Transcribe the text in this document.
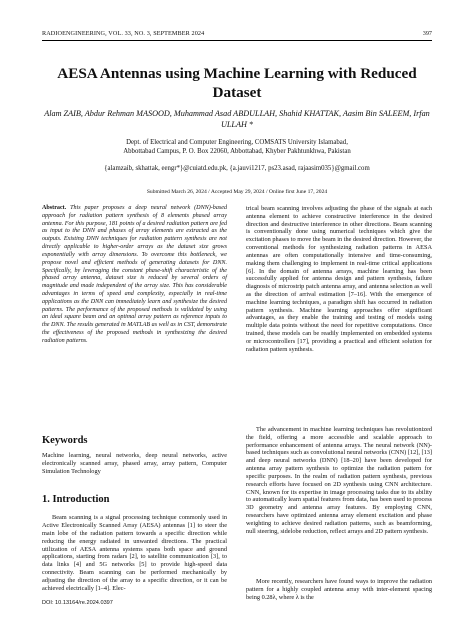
RADIOENGINEERING, VOL. 33, NO. 3, SEPTEMBER 2024	397
AESA Antennas using Machine Learning with Reduced Dataset
Alam ZAIB, Abdur Rehman MASOOD, Muhammad Asad ABDULLAH, Shahid KHATTAK, Aasim Bin SALEEM, Irfan ULLAH *
Dept. of Electrical and Computer Engineering, COMSATS University Islamabad,
Abbottabad Campus, P. O. Box 22060, Abbottabad, Khyber Pakhtunkhwa, Pakistan
{alamzaib, skhattak, eengr*}@cuiatd.edu.pk, {a.jauvi1217, ps23.asad, rajaasim035}@gmail.com
Submitted March 26, 2024 / Accepted May 29, 2024 / Online first June 17, 2024
Abstract. This paper proposes a deep neural network (DNN)-based approach for radiation pattern synthesis of 8 elements phased array antenna. For this purpose, 181 points of a desired radiation pattern are fed as input to the DNN and phases of array elements are extracted as the outputs. Existing DNN techniques for radiation pattern synthesis are not directly applicable to higher-order arrays as the dataset size grows exponentially with array dimensions. To overcome this bottleneck, we propose novel and efficient methods of generating datasets for DNN. Specifically, by leveraging the constant phase-shift characteristic of the phased array antenna, dataset size is reduced by several orders of magnitude and made independent of the array size. This has considerable advantages in terms of speed and complexity, especially in real-time applications as the DNN can immediately learn and synthesize the desired patterns. The performance of the proposed methods is validated by using an ideal square beam and an optimal array pattern as reference inputs to the DNN. The results generated in MATLAB as well as in CST, demonstrate the effectiveness of the proposed methods in synthesizing the desired radiation patterns.
Keywords
Machine learning, neural networks, deep neural networks, active electronically scanned array, phased array, array pattern, Computer Simulation Technology
1. Introduction
Beam scanning is a signal processing technique commonly used in Active Electronically Scanned Array (AESA) antennas [1] to steer the main lobe of the radiation pattern towards a specific direction while reducing the energy radiated in unwanted directions. The practical utilization of AESA antenna systems spans both space and ground applications, starting from radars [2], to satellite communication [3], to data links [4] and 5G networks [5] to provide high-speed data connectivity. Beam scanning can be performed mechanically by adjusting the direction of the array to a specific direction, or it can be achieved electrically [1–4]. Elec-

trical beam scanning involves adjusting the phase of the signals at each antenna element to achieve constructive interference in the desired direction and destructive interference in other directions. Beam scanning is conventionally done using numerical techniques which give the excitation phases to move the beam in the desired direction. However, the conventional methods for synthesizing radiation patterns in AESA antennas are often computationally intensive and time-consuming, making them challenging to implement in real-time critical applications [6]. In the domain of antenna arrays, machine learning has been successfully applied for antenna design and pattern synthesis, failure diagnosis of microstrip patch antenna array, and antenna selection as well as the direction of arrival estimation [7–16]. With the emergence of machine learning techniques, a paradigm shift has occurred in radiation pattern synthesis. Machine learning approaches offer significant advantages, as they enable the training and testing of models using multiple data points without the need for repetitive computations. Once trained, these models can be readily implemented on embedded systems or microcontrollers [17], providing a practical and efficient solution for radiation pattern synthesis.

The advancement in machine learning techniques has revolutionized the field, offering a more accessible and scalable approach to performance enhancement of antenna arrays. The neural network (NN)-based techniques such as convolutional neural networks (CNN) [12], [13] and deep neural networks (DNN) [18–20] have been developed for antenna array pattern synthesis to optimize the radiation pattern for specific purposes. In the realm of radiation pattern synthesis, previous research efforts have focused on 2D synthesis using CNN architecture. CNN, known for its expertise in image processing tasks due to its ability to automatically learn spatial features from data, has been used to process 3D geometry and antenna array features. By employing CNN, researchers have optimized antenna array element excitation and phase weighting to achieve desired radiation patterns, such as beamforming, null steering, sidelobe reduction, reflect arrays and 2D pattern synthesis.

More recently, researchers have found ways to improve the radiation pattern for a highly coupled antenna array with inter-element spacing being 0.28λ, where λ is the

DOI: 10.13164/re.2024.0397
